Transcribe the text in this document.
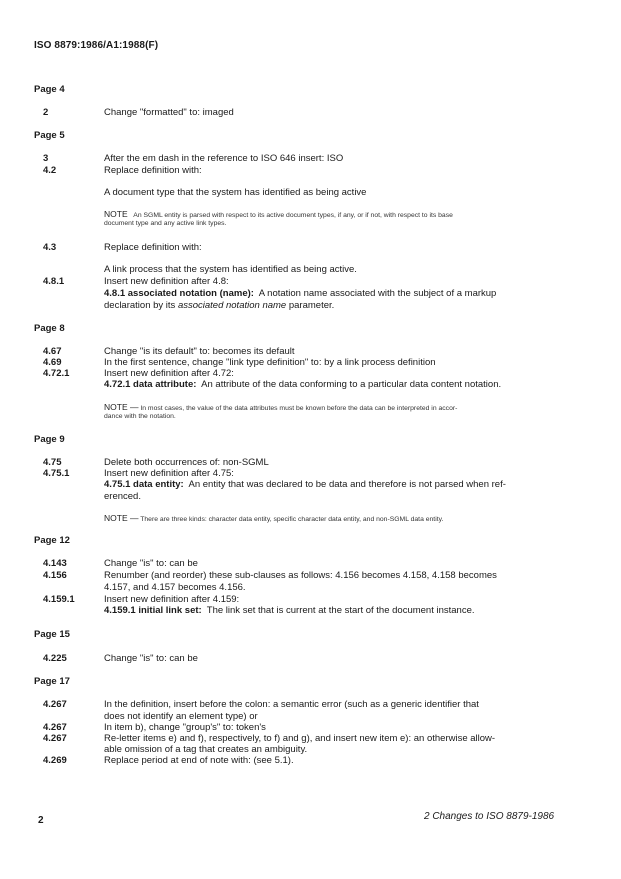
ISO 8879:1986/A1:1988(F)
Page 4
2	Change "formatted" to: imaged
Page 5
3	After the em dash in the reference to ISO 646 insert: ISO
4.2	Replace definition with:
A document type that the system has identified as being active
NOTE An SGML entity is parsed with respect to its active document types, if any, or if not, with respect to its base
document type and any active link types.
4.3	Replace definition with:
A link process that the system has identified as being active.
4.8.1	Insert new definition after 4.8:
4.8.1 associated notation (name): A notation name associated with the subject of a markup
declaration by its associated notation name parameter.
Page 8
4.67	Change "is its default" to: becomes its default
4.69	In the first sentence, change "link type definition" to: by a link process definition
4.72.1	Insert new definition after 4.72:
4.72.1 data attribute: An attribute of the data conforming to a particular data content notation.
NOTE — In most cases, the value of the data attributes must be known before the data can be interpreted in accor-
dance with the notation.
Page 9
4.75	Delete both occurrences of: non-SGML
4.75.1	Insert new definition after 4.75:
4.75.1 data entity: An entity that was declared to be data and therefore is not parsed when ref-
erenced.
NOTE — There are three kinds: character data entity, specific character data entity, and non-SGML data entity.
Page 12
4.143	Change "is" to: can be
4.156	Renumber (and reorder) these sub-clauses as follows: 4.156 becomes 4.158, 4.158 becomes
4.157, and 4.157 becomes 4.156.
4.159.1	Insert new definition after 4.159:
4.159.1 initial link set: The link set that is current at the start of the document instance.
Page 15
4.225	Change "is" to: can be
Page 17
4.267	In the definition, insert before the colon: a semantic error (such as a generic identifier that
does not identify an element type) or
4.267	In item b), change "group's" to: token's
4.267	Re-letter items e) and f), respectively, to f) and g), and insert new item e): an otherwise allow-
able omission of a tag that creates an ambiguity.
4.269	Replace period at end of note with: (see 5.1).
2	2 Changes to ISO 8879-1986
